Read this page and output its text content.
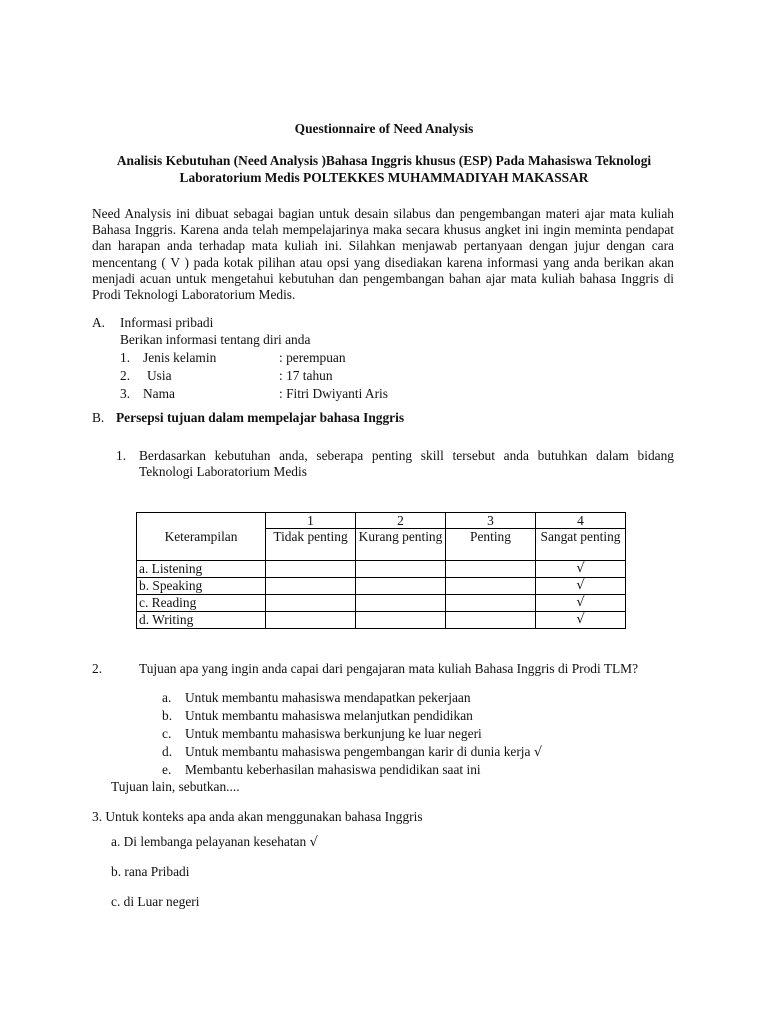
Questionnaire of Need Analysis
Analisis Kebutuhan (Need Analysis )Bahasa Inggris khusus (ESP) Pada Mahasiswa Teknologi
Laboratorium Medis POLTEKKES MUHAMMADIYAH MAKASSAR
Need Analysis ini dibuat sebagai bagian untuk desain silabus dan pengembangan materi ajar mata kuliah Bahasa Inggris. Karena anda telah mempelajarinya maka secara khusus angket ini ingin meminta pendapat dan harapan anda terhadap mata kuliah ini. Silahkan menjawab pertanyaan dengan jujur dengan cara mencentang ( V ) pada kotak pilihan atau opsi yang disediakan karena informasi yang anda berikan akan menjadi acuan untuk mengetahui kebutuhan dan pengembangan bahan ajar mata kuliah bahasa Inggris di Prodi Teknologi Laboratorium Medis.
A. Informasi pribadi
Berikan informasi tentang diri anda
1. Jenis kelamin	: perempuan
2. Usia	: 17 tahun
3. Nama	: Fitri Dwiyanti Aris
B. Persepsi tujuan dalam mempelajar bahasa Inggris
1. Berdasarkan kebutuhan anda, seberapa penting skill tersebut anda butuhkan dalam bidang Teknologi Laboratorium Medis
Keterampilan	1	2	3	4
	Tidak penting	Kurang penting	Penting	Sangat penting
a. Listening				√
b. Speaking				√
c. Reading				√
d. Writing				√
2.	Tujuan apa yang ingin anda capai dari pengajaran mata kuliah Bahasa Inggris di Prodi TLM?
a. Untuk membantu mahasiswa mendapatkan pekerjaan
b. Untuk membantu mahasiswa melanjutkan pendidikan
c. Untuk membantu mahasiswa berkunjung ke luar negeri
d. Untuk membantu mahasiswa pengembangan karir di dunia kerja √
e. Membantu keberhasilan mahasiswa pendidikan saat ini
Tujuan lain, sebutkan....
3. Untuk konteks apa anda akan menggunakan bahasa Inggris
a. Di lembanga pelayanan kesehatan √
b. rana Pribadi
c. di Luar negeri
